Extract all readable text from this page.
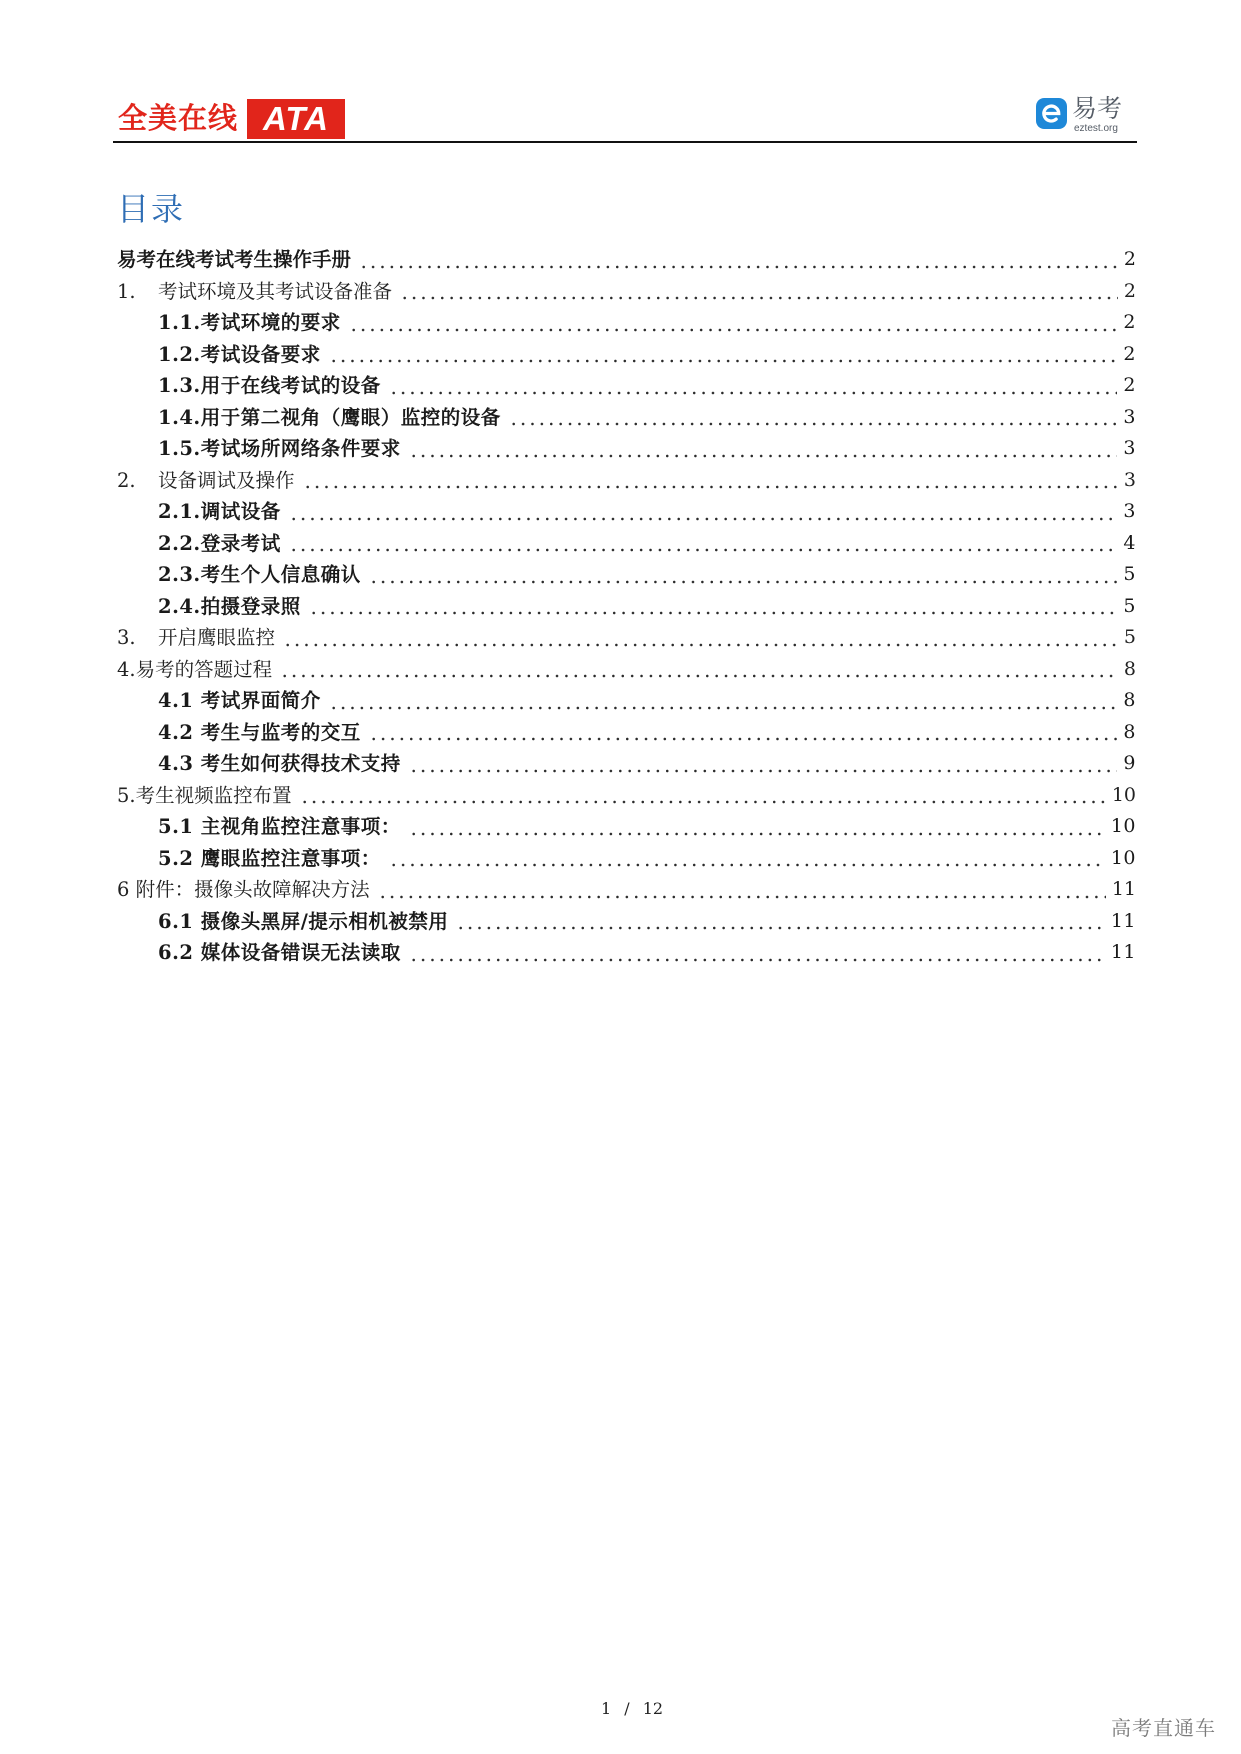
全美在线 ATA	易考
eztest.org
目录
易考在线考试考生操作手册	2
1.	考试环境及其考试设备准备	2
1.1.考试环境的要求	2
1.2.考试设备要求	2
1.3.用于在线考试的设备	2
1.4.用于第二视角（鹰眼）监控的设备	3
1.5.考试场所网络条件要求	3
2.	设备调试及操作	3
2.1.调试设备	3
2.2.登录考试	4
2.3.考生个人信息确认	5
2.4.拍摄登录照	5
3.	开启鹰眼监控	5
4.易考的答题过程	8
4.1 考试界面简介	8
4.2 考生与监考的交互	8
4.3 考生如何获得技术支持	9
5.考生视频监控布置	10
5.1 主视角监控注意事项：	10
5.2 鹰眼监控注意事项：	10
6 附件：摄像头故障解决方法	11
6.1 摄像头黑屏/提示相机被禁用	11
6.2 媒体设备错误无法读取	11
1 / 12
高考直通车
